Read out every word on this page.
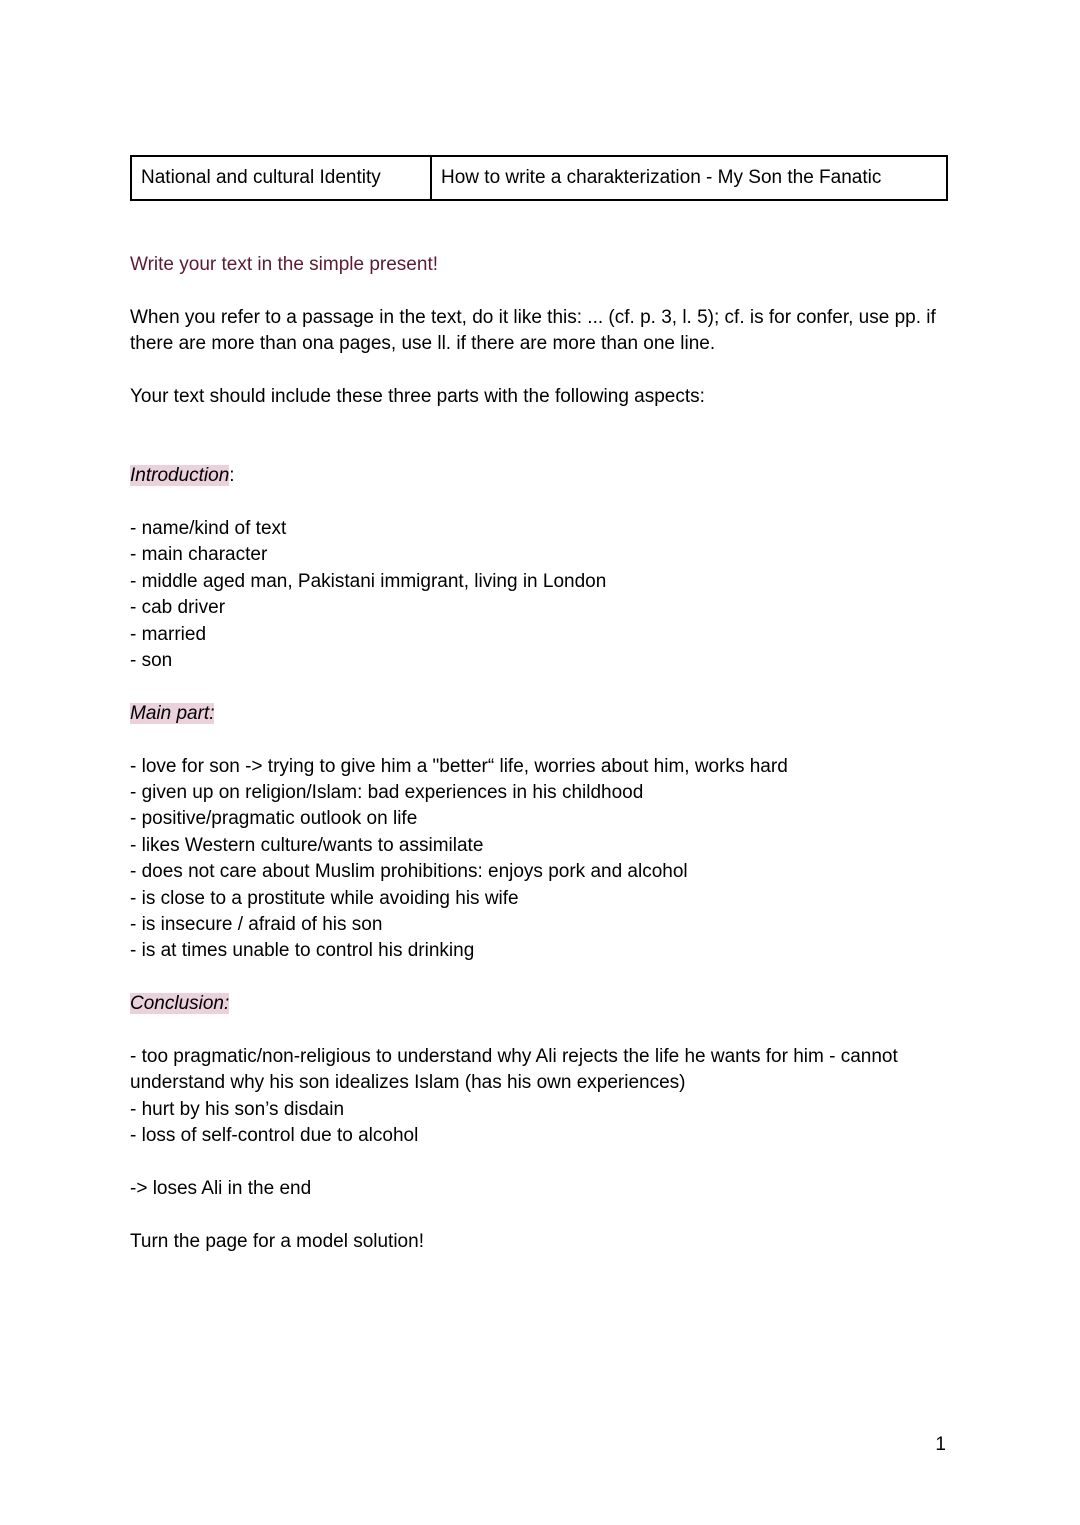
National and cultural Identity	How to write a charakterization - My Son the Fanatic

Write your text in the simple present!

When you refer to a passage in the text, do it like this: ... (cf. p. 3, l. 5); cf. is for confer, use pp. if there are more than ona pages, use ll. if there are more than one line.

Your text should include these three parts with the following aspects:

Introduction:

- name/kind of text
- main character
- middle aged man, Pakistani immigrant, living in London
- cab driver
- married
- son

Main part:

- love for son -> trying to give him a "better“ life, worries about him, works hard
- given up on religion/Islam: bad experiences in his childhood
- positive/pragmatic outlook on life
- likes Western culture/wants to assimilate
- does not care about Muslim prohibitions: enjoys pork and alcohol
- is close to a prostitute while avoiding his wife
- is insecure / afraid of his son
- is at times unable to control his drinking

Conclusion:

- too pragmatic/non-religious to understand why Ali rejects the life he wants for him - cannot understand why his son idealizes Islam (has his own experiences)
- hurt by his son’s disdain
- loss of self-control due to alcohol

-> loses Ali in the end

Turn the page for a model solution!

1
